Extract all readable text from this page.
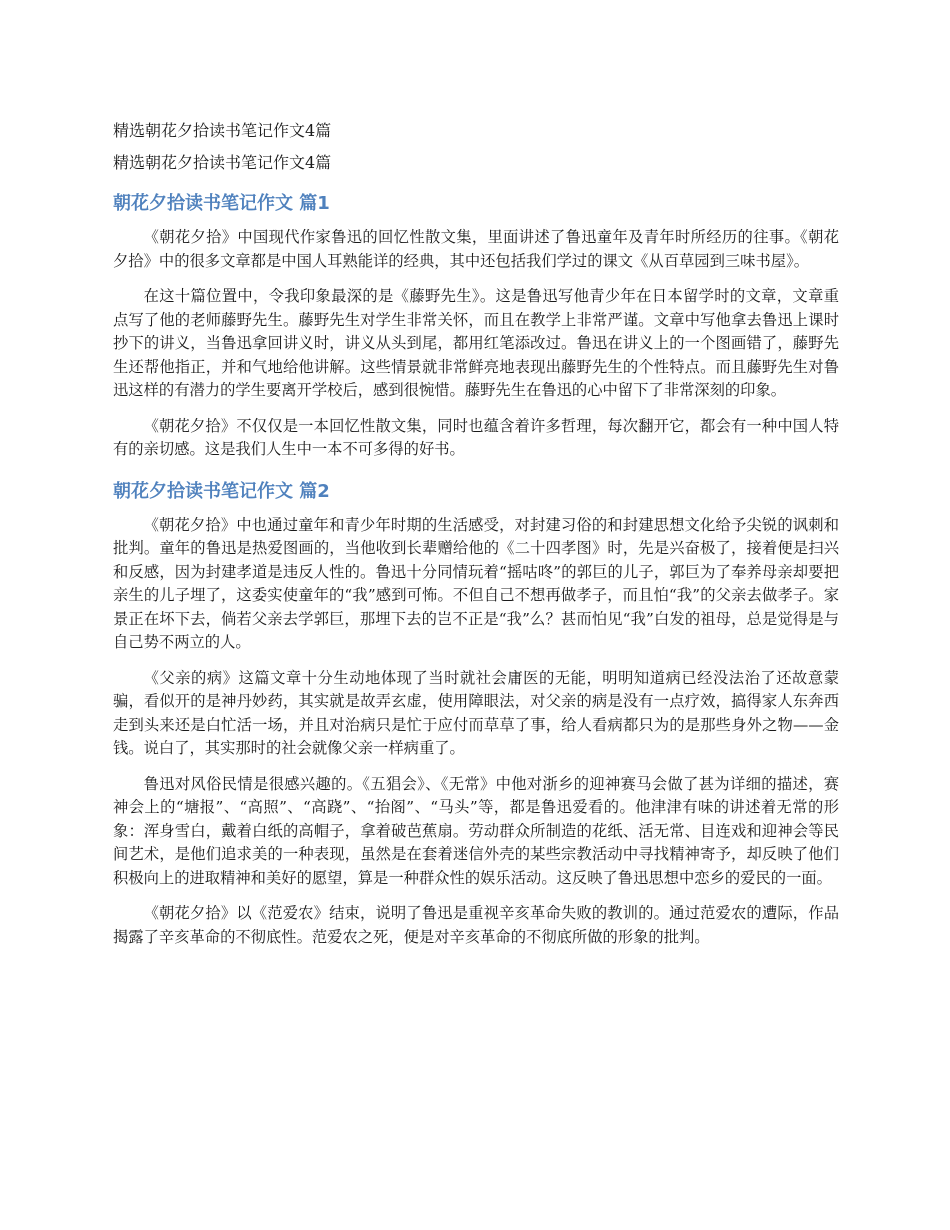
精选朝花夕拾读书笔记作文4篇
精选朝花夕拾读书笔记作文4篇
朝花夕拾读书笔记作文 篇1

《朝花夕拾》中国现代作家鲁迅的回忆性散文集，里面讲述了鲁迅童年及青年时所经历的往事。《朝花夕拾》中的很多文章都是中国人耳熟能详的经典，其中还包括我们学过的课文《从百草园到三味书屋》。

在这十篇位置中，令我印象最深的是《藤野先生》。这是鲁迅写他青少年在日本留学时的文章，文章重点写了他的老师藤野先生。藤野先生对学生非常关怀，而且在教学上非常严谨。文章中写他拿去鲁迅上课时抄下的讲义，当鲁迅拿回讲义时，讲义从头到尾，都用红笔添改过。鲁迅在讲义上的一个图画错了，藤野先生还帮他指正，并和气地给他讲解。这些情景就非常鲜亮地表现出藤野先生的个性特点。而且藤野先生对鲁迅这样的有潜力的学生要离开学校后，感到很惋惜。藤野先生在鲁迅的心中留下了非常深刻的印象。

《朝花夕拾》不仅仅是一本回忆性散文集，同时也蕴含着许多哲理，每次翻开它，都会有一种中国人特有的亲切感。这是我们人生中一本不可多得的好书。

朝花夕拾读书笔记作文 篇2

《朝花夕拾》中也通过童年和青少年时期的生活感受，对封建习俗的和封建思想文化给予尖锐的讽刺和批判。童年的鲁迅是热爱图画的，当他收到长辈赠给他的《二十四孝图》时，先是兴奋极了，接着便是扫兴和反感，因为封建孝道是违反人性的。鲁迅十分同情玩着“摇咕咚”的郭巨的儿子，郭巨为了奉养母亲却要把亲生的儿子埋了，这委实使童年的“我”感到可怖。不但自己不想再做孝子，而且怕“我”的父亲去做孝子。家景正在坏下去，倘若父亲去学郭巨，那埋下去的岂不正是“我”么？甚而怕见“我”白发的祖母，总是觉得是与自己势不两立的人。

《父亲的病》这篇文章十分生动地体现了当时就社会庸医的无能，明明知道病已经没法治了还故意蒙骗，看似开的是神丹妙药，其实就是故弄玄虚，使用障眼法，对父亲的病是没有一点疗效，搞得家人东奔西走到头来还是白忙活一场，并且对治病只是忙于应付而草草了事，给人看病都只为的是那些身外之物——金钱。说白了，其实那时的社会就像父亲一样病重了。

鲁迅对风俗民情是很感兴趣的。《五猖会》、《无常》中他对浙乡的迎神赛马会做了甚为详细的描述，赛神会上的“塘报”、“高照”、“高跷”、“抬阁”、“马头”等，都是鲁迅爱看的。他津津有味的讲述着无常的形象：浑身雪白，戴着白纸的高帽子，拿着破芭蕉扇。劳动群众所制造的花纸、活无常、目连戏和迎神会等民间艺术，是他们追求美的一种表现，虽然是在套着迷信外壳的某些宗教活动中寻找精神寄予，却反映了他们积极向上的进取精神和美好的愿望，算是一种群众性的娱乐活动。这反映了鲁迅思想中恋乡的爱民的一面。

《朝花夕拾》以《范爱农》结束，说明了鲁迅是重视辛亥革命失败的教训的。通过范爱农的遭际，作品揭露了辛亥革命的不彻底性。范爱农之死，便是对辛亥革命的不彻底所做的形象的批判。
